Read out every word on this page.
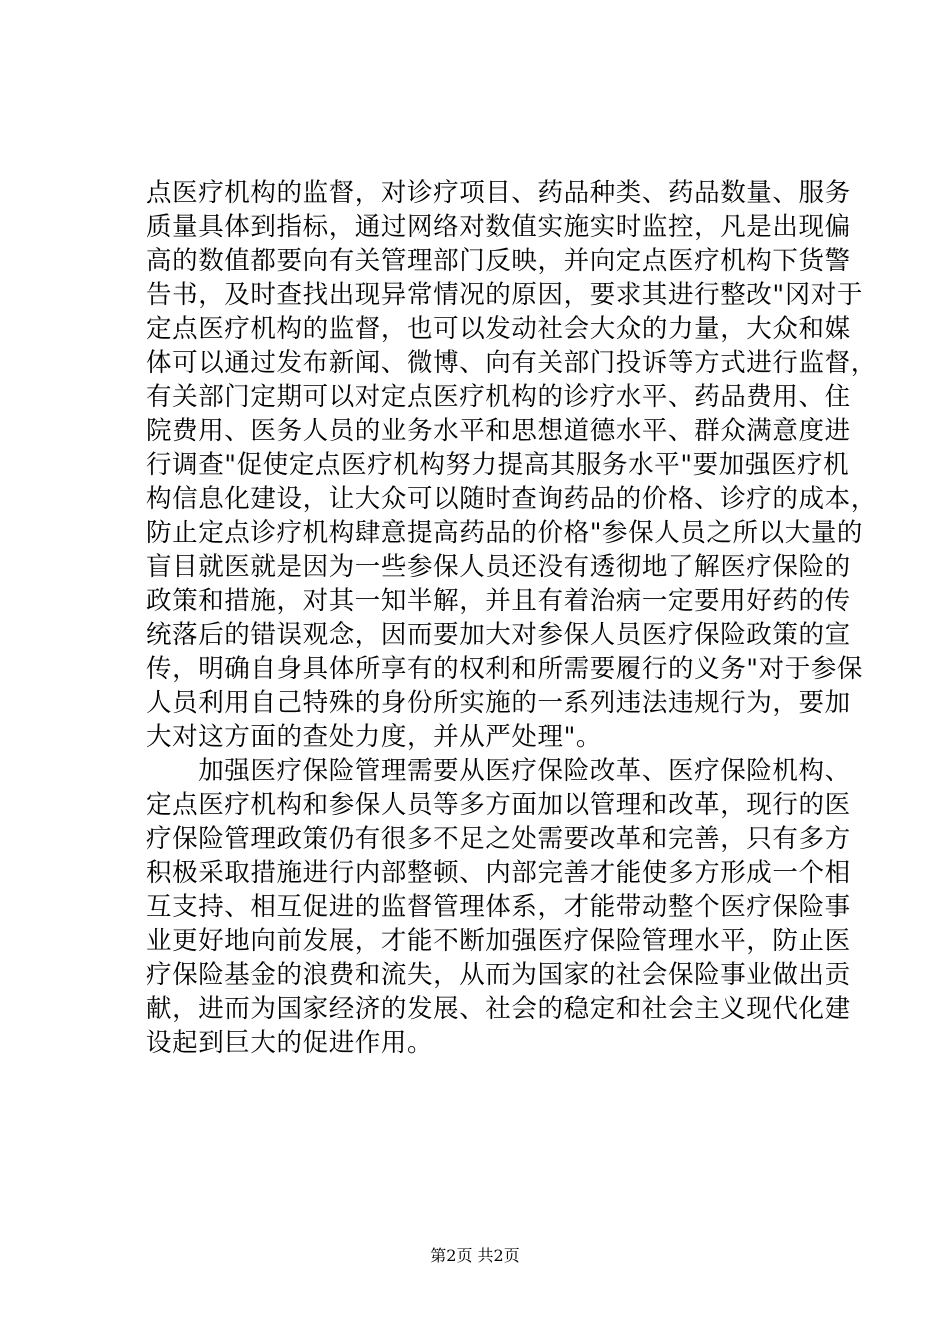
点医疗机构的监督，对诊疗项目、药品种类、药品数量、服务
质量具体到指标，通过网络对数值实施实时监控，凡是出现偏
高的数值都要向有关管理部门反映，并向定点医疗机构下货警
告书，及时查找出现异常情况的原因，要求其进行整改"冈对于
定点医疗机构的监督，也可以发动社会大众的力量，大众和媒
体可以通过发布新闻、微博、向有关部门投诉等方式进行监督，
有关部门定期可以对定点医疗机构的诊疗水平、药品费用、住
院费用、医务人员的业务水平和思想道德水平、群众满意度进
行调查"促使定点医疗机构努力提高其服务水平"要加强医疗机
构信息化建设，让大众可以随时查询药品的价格、诊疗的成本，
防止定点诊疗机构肆意提高药品的价格"参保人员之所以大量的
盲目就医就是因为一些参保人员还没有透彻地了解医疗保险的
政策和措施，对其一知半解，并且有着治病一定要用好药的传
统落后的错误观念，因而要加大对参保人员医疗保险政策的宣
传，明确自身具体所享有的权利和所需要履行的义务"对于参保
人员利用自己特殊的身份所实施的一系列违法违规行为，要加
大对这方面的查处力度，并从严处理"。
　　加强医疗保险管理需要从医疗保险改革、医疗保险机构、
定点医疗机构和参保人员等多方面加以管理和改革，现行的医
疗保险管理政策仍有很多不足之处需要改革和完善，只有多方
积极采取措施进行内部整顿、内部完善才能使多方形成一个相
互支持、相互促进的监督管理体系，才能带动整个医疗保险事
业更好地向前发展，才能不断加强医疗保险管理水平，防止医
疗保险基金的浪费和流失，从而为国家的社会保险事业做出贡
献，进而为国家经济的发展、社会的稳定和社会主义现代化建
设起到巨大的促进作用。
第2页 共2页
